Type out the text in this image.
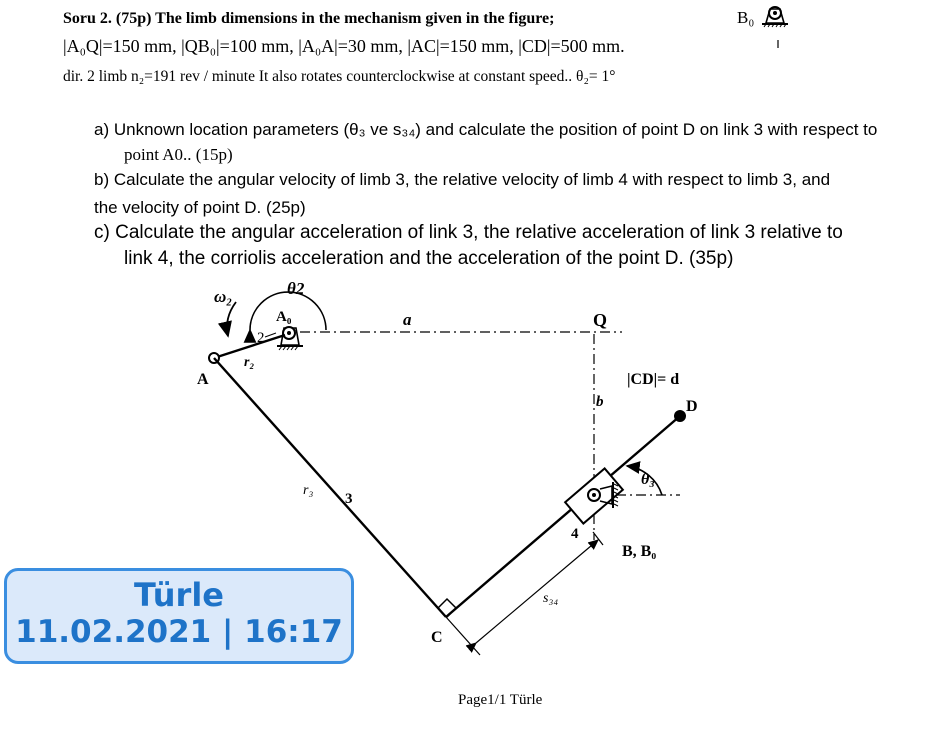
Soru 2. (75p) The limb dimensions in the mechanism given in the figure;
|A₀Q|=150 mm, |QB₀|=100 mm, |A₀A|=30 mm, |AC|=150 mm, |CD|=500 mm.
dir. 2 limb n₂=191 rev / minute It also rotates counterclockwise at constant speed.. θ₂= 1°
a) Unknown location parameters (θ₃ ve s₃₄) and calculate the position of point D on link 3 with respect to
point A0.. (15p)
b) Calculate the angular velocity of limb 3, the relative velocity of limb 4 with respect to limb 3, and
the velocity of point D. (25p)
c) Calculate the angular acceleration of link 3, the relative acceleration of link 3 relative to
link 4, the corriolis acceleration and the acceleration of the point D. (35p)
B₀
ω₂	θ2
A₀
2
r₂
A
a	Q
b
r₃
3
D
|CD|= d
s₃₄
4
B, B₀
θ₃
C
Türle
11.02.2021 | 16:17
Page1/1 Türle
